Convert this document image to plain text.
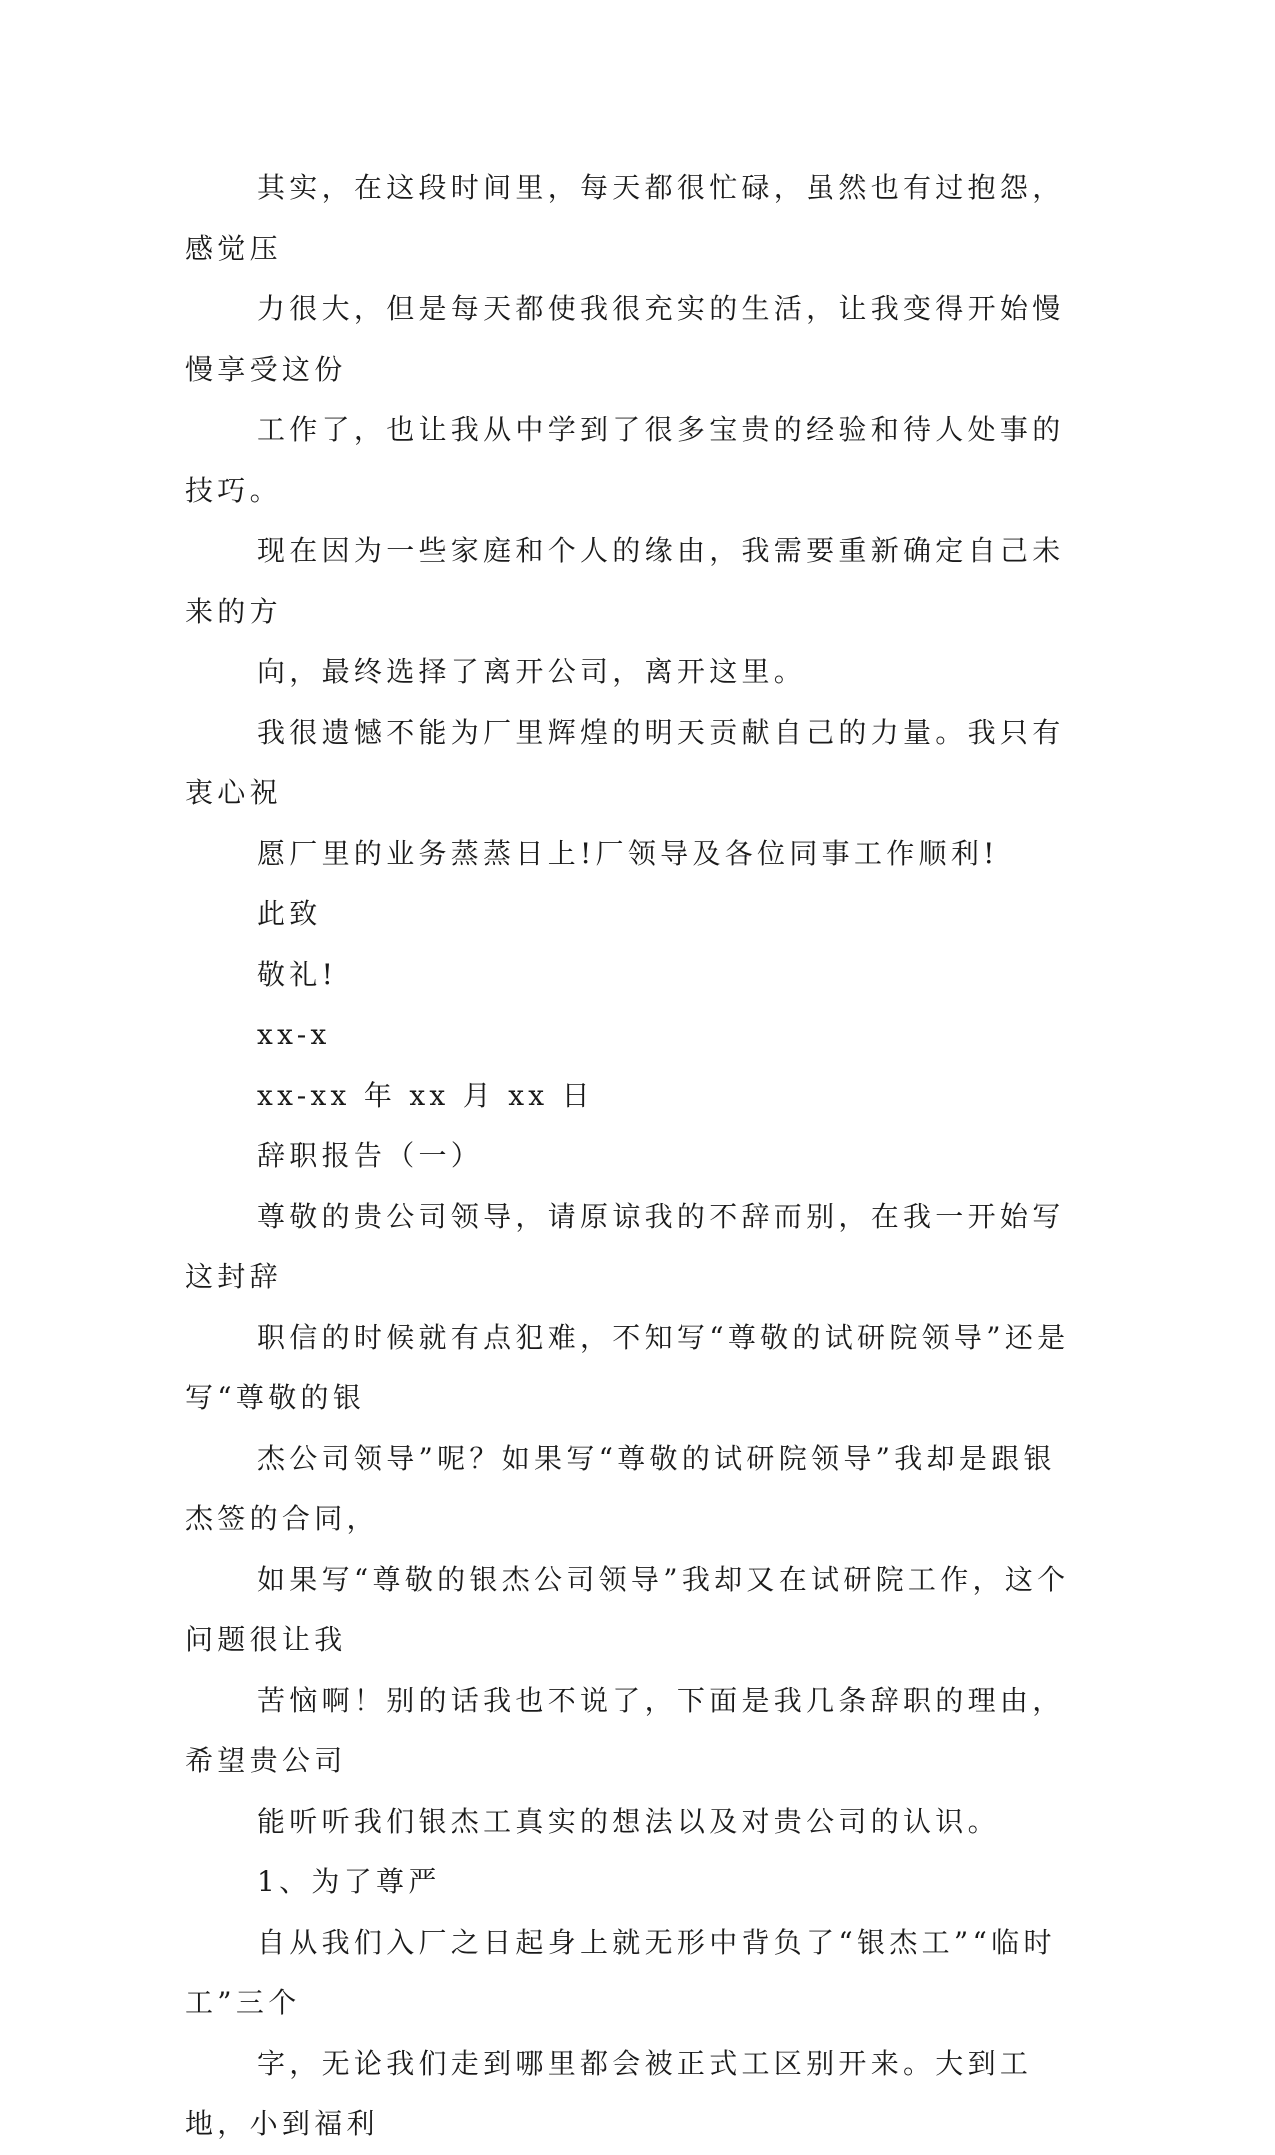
其实，在这段时间里，每天都很忙碌，虽然也有过抱怨，感觉压
力很大，但是每天都使我很充实的生活，让我变得开始慢慢享受这份
工作了，也让我从中学到了很多宝贵的经验和待人处事的技巧。

现在因为一些家庭和个人的缘由，我需要重新确定自己未来的方
向，最终选择了离开公司，离开这里。

我很遗憾不能为厂里辉煌的明天贡献自己的力量。我只有衷心祝
愿厂里的业务蒸蒸日上!厂领导及各位同事工作顺利!

此致

敬礼!

xx-x

xx-xx 年 xx 月 xx 日

辞职报告（一）

尊敬的贵公司领导，请原谅我的不辞而别，在我一开始写这封辞
职信的时候就有点犯难，不知写“尊敬的试研院领导”还是写“尊敬的银
杰公司领导”呢？如果写“尊敬的试研院领导”我却是跟银杰签的合同，
如果写“尊敬的银杰公司领导”我却又在试研院工作，这个问题很让我
苦恼啊！别的话我也不说了，下面是我几条辞职的理由，希望贵公司
能听听我们银杰工真实的想法以及对贵公司的认识。

1、为了尊严

自从我们入厂之日起身上就无形中背负了“银杰工”“临时工”三个
字，无论我们走到哪里都会被正式工区别开来。大到工地，小到福利
